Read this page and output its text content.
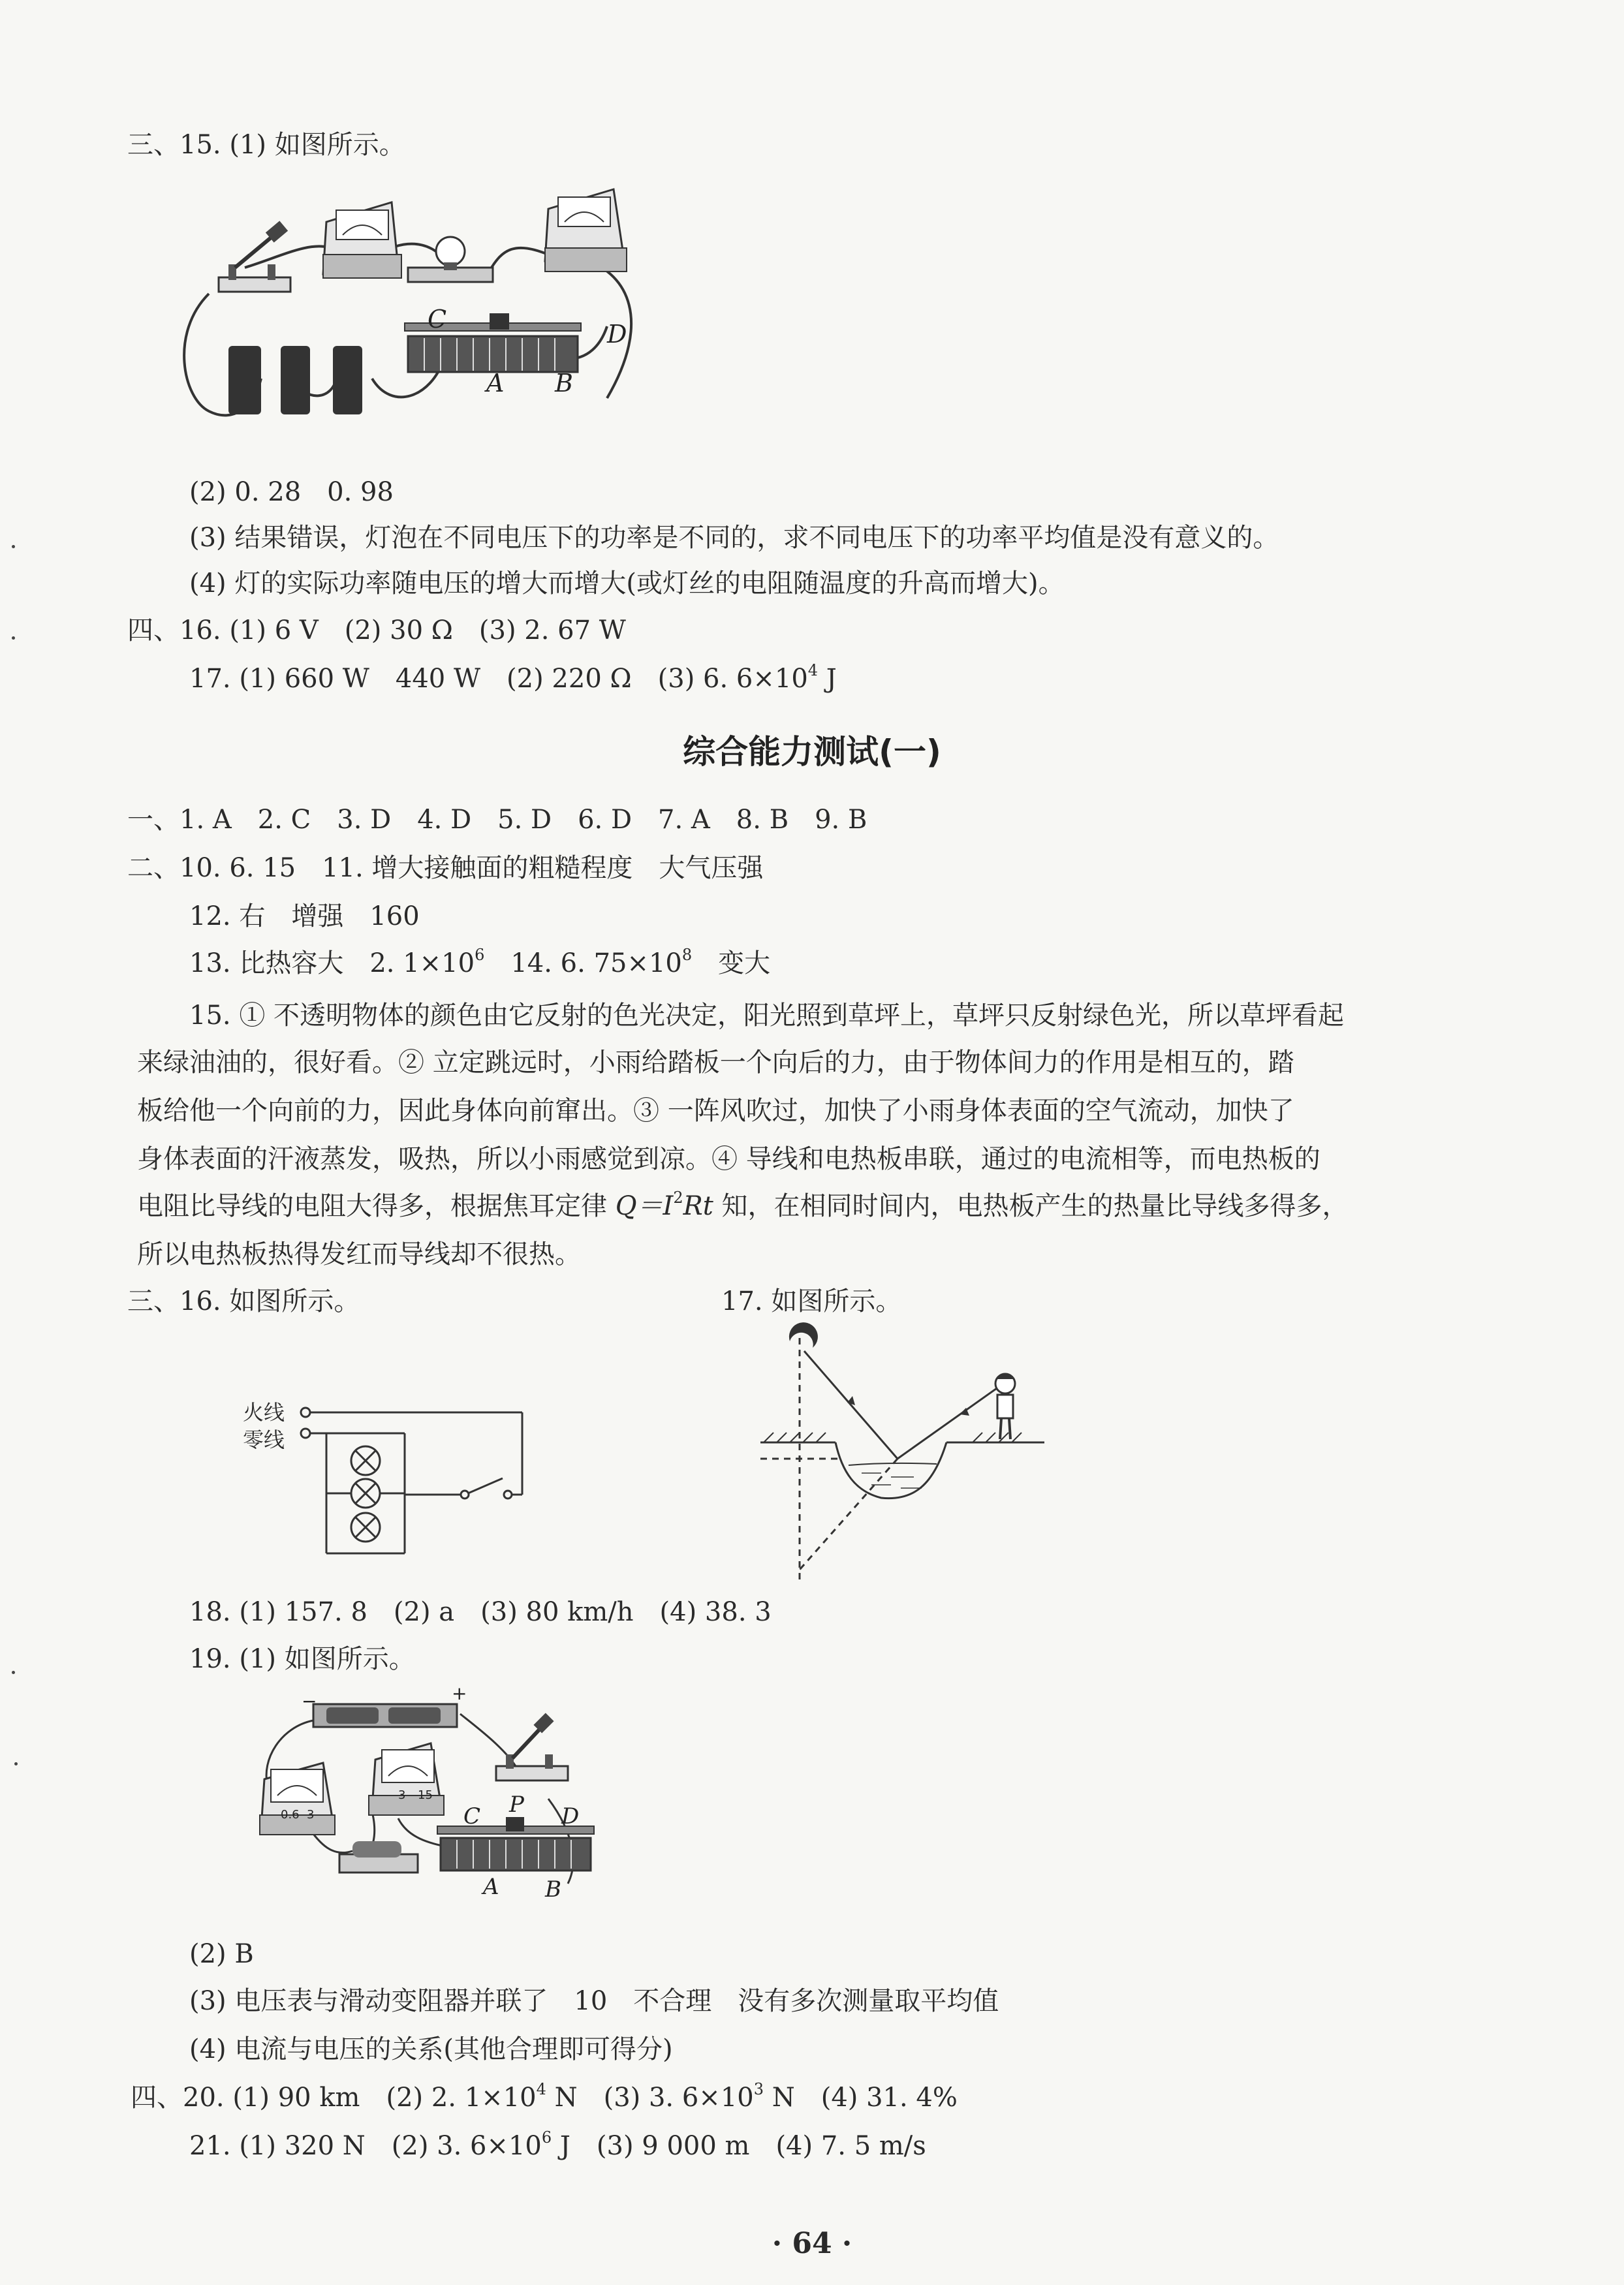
三、15. (1) 如图所示。
C
D
A B
(2) 0. 28　0. 98
(3) 结果错误，灯泡在不同电压下的功率是不同的，求不同电压下的功率平均值是没有意义的。
(4) 灯的实际功率随电压的增大而增大(或灯丝的电阻随温度的升高而增大)。
四、16. (1) 6 V　(2) 30 Ω　(3) 2. 67 W
17. (1) 660 W　440 W　(2) 220 Ω　(3) 6. $6\times 10^4$ J
综合能力测试(一)
一、1. A　2. C　3. D　4. D　5. D　6. D　7. A　8. B　9. B
二、10. 6. 15　11. 增大接触面的粗糙程度　大气压强
12. 右　增强　160
13. 比热容大　2. $1\times 10^6$　14. 6. $75\times 10^8$　变大
15. ① 不透明物体的颜色由它反射的色光决定，阳光照到草坪上，草坪只反射绿色光，所以草坪看起
来绿油油的，很好看。② 立定跳远时，小雨给踏板一个向后的力，由于物体间力的作用是相互的，踏
板给他一个向前的力，因此身体向前窜出。③ 一阵风吹过，加快了小雨身体表面的空气流动，加快了
身体表面的汗液蒸发，吸热，所以小雨感觉到凉。④ 导线和电热板串联，通过的电流相等，而电热板的
电阻比导线的电阻大得多，根据焦耳定律 $Q=I^2Rt$ 知，在相同时间内，电热板产生的热量比导线多得多，
所以电热板热得发红而导线却不很热。
三、16. 如图所示。	17. 如图所示。
火线
零线
18. (1) 157. 8　(2) a　(3) 80 km/h　(4) 38. 3
19. (1) 如图所示。
−	+
0.6 3
3 15
C P D
A B
(2) B
(3) 电压表与滑动变阻器并联了　10　不合理　没有多次测量取平均值
(4) 电流与电压的关系(其他合理即可得分)
四、20. (1) 90 km　(2) 2. $1\times 10^4$ N　(3) 3. $6\times 10^3$ N　(4) 31. 4%
21. (1) 320 N　(2) 3. $6\times 10^6$ J　(3) 9 000 m　(4) 7. 5 m/s
· 64 ·
